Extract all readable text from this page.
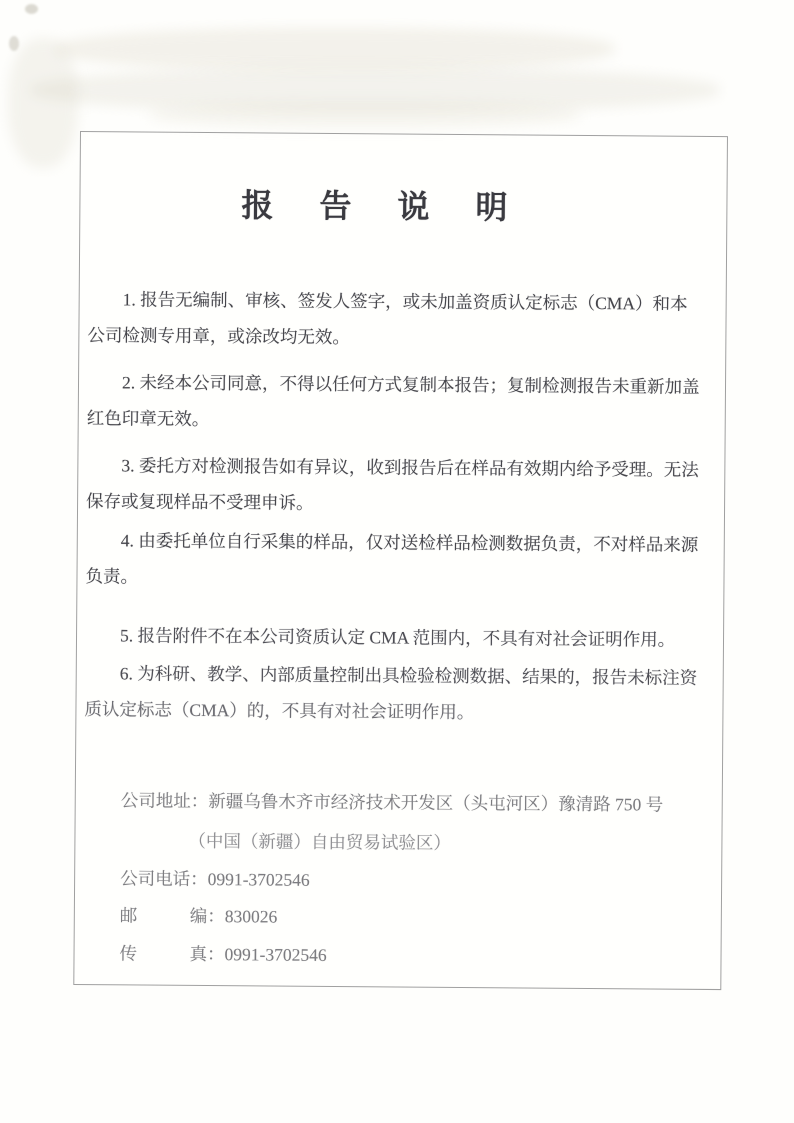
报 告 说 明
1. 报告无编制、审核、签发人签字，或未加盖资质认定标志（CMA）和本
公司检测专用章，或涂改均无效。
2. 未经本公司同意，不得以任何方式复制本报告；复制检测报告未重新加盖
红色印章无效。
3. 委托方对检测报告如有异议，收到报告后在样品有效期内给予受理。无法
保存或复现样品不受理申诉。
4. 由委托单位自行采集的样品，仅对送检样品检测数据负责，不对样品来源
负责。
5. 报告附件不在本公司资质认定 CMA 范围内，不具有对社会证明作用。
6. 为科研、教学、内部质量控制出具检验检测数据、结果的，报告未标注资
质认定标志（CMA）的，不具有对社会证明作用。
公司地址：新疆乌鲁木齐市经济技术开发区（头屯河区）豫清路 750 号
（中国（新疆）自由贸易试验区）
公司电话：0991-3702546
邮　　　编：830026
传　　　真：0991-3702546
